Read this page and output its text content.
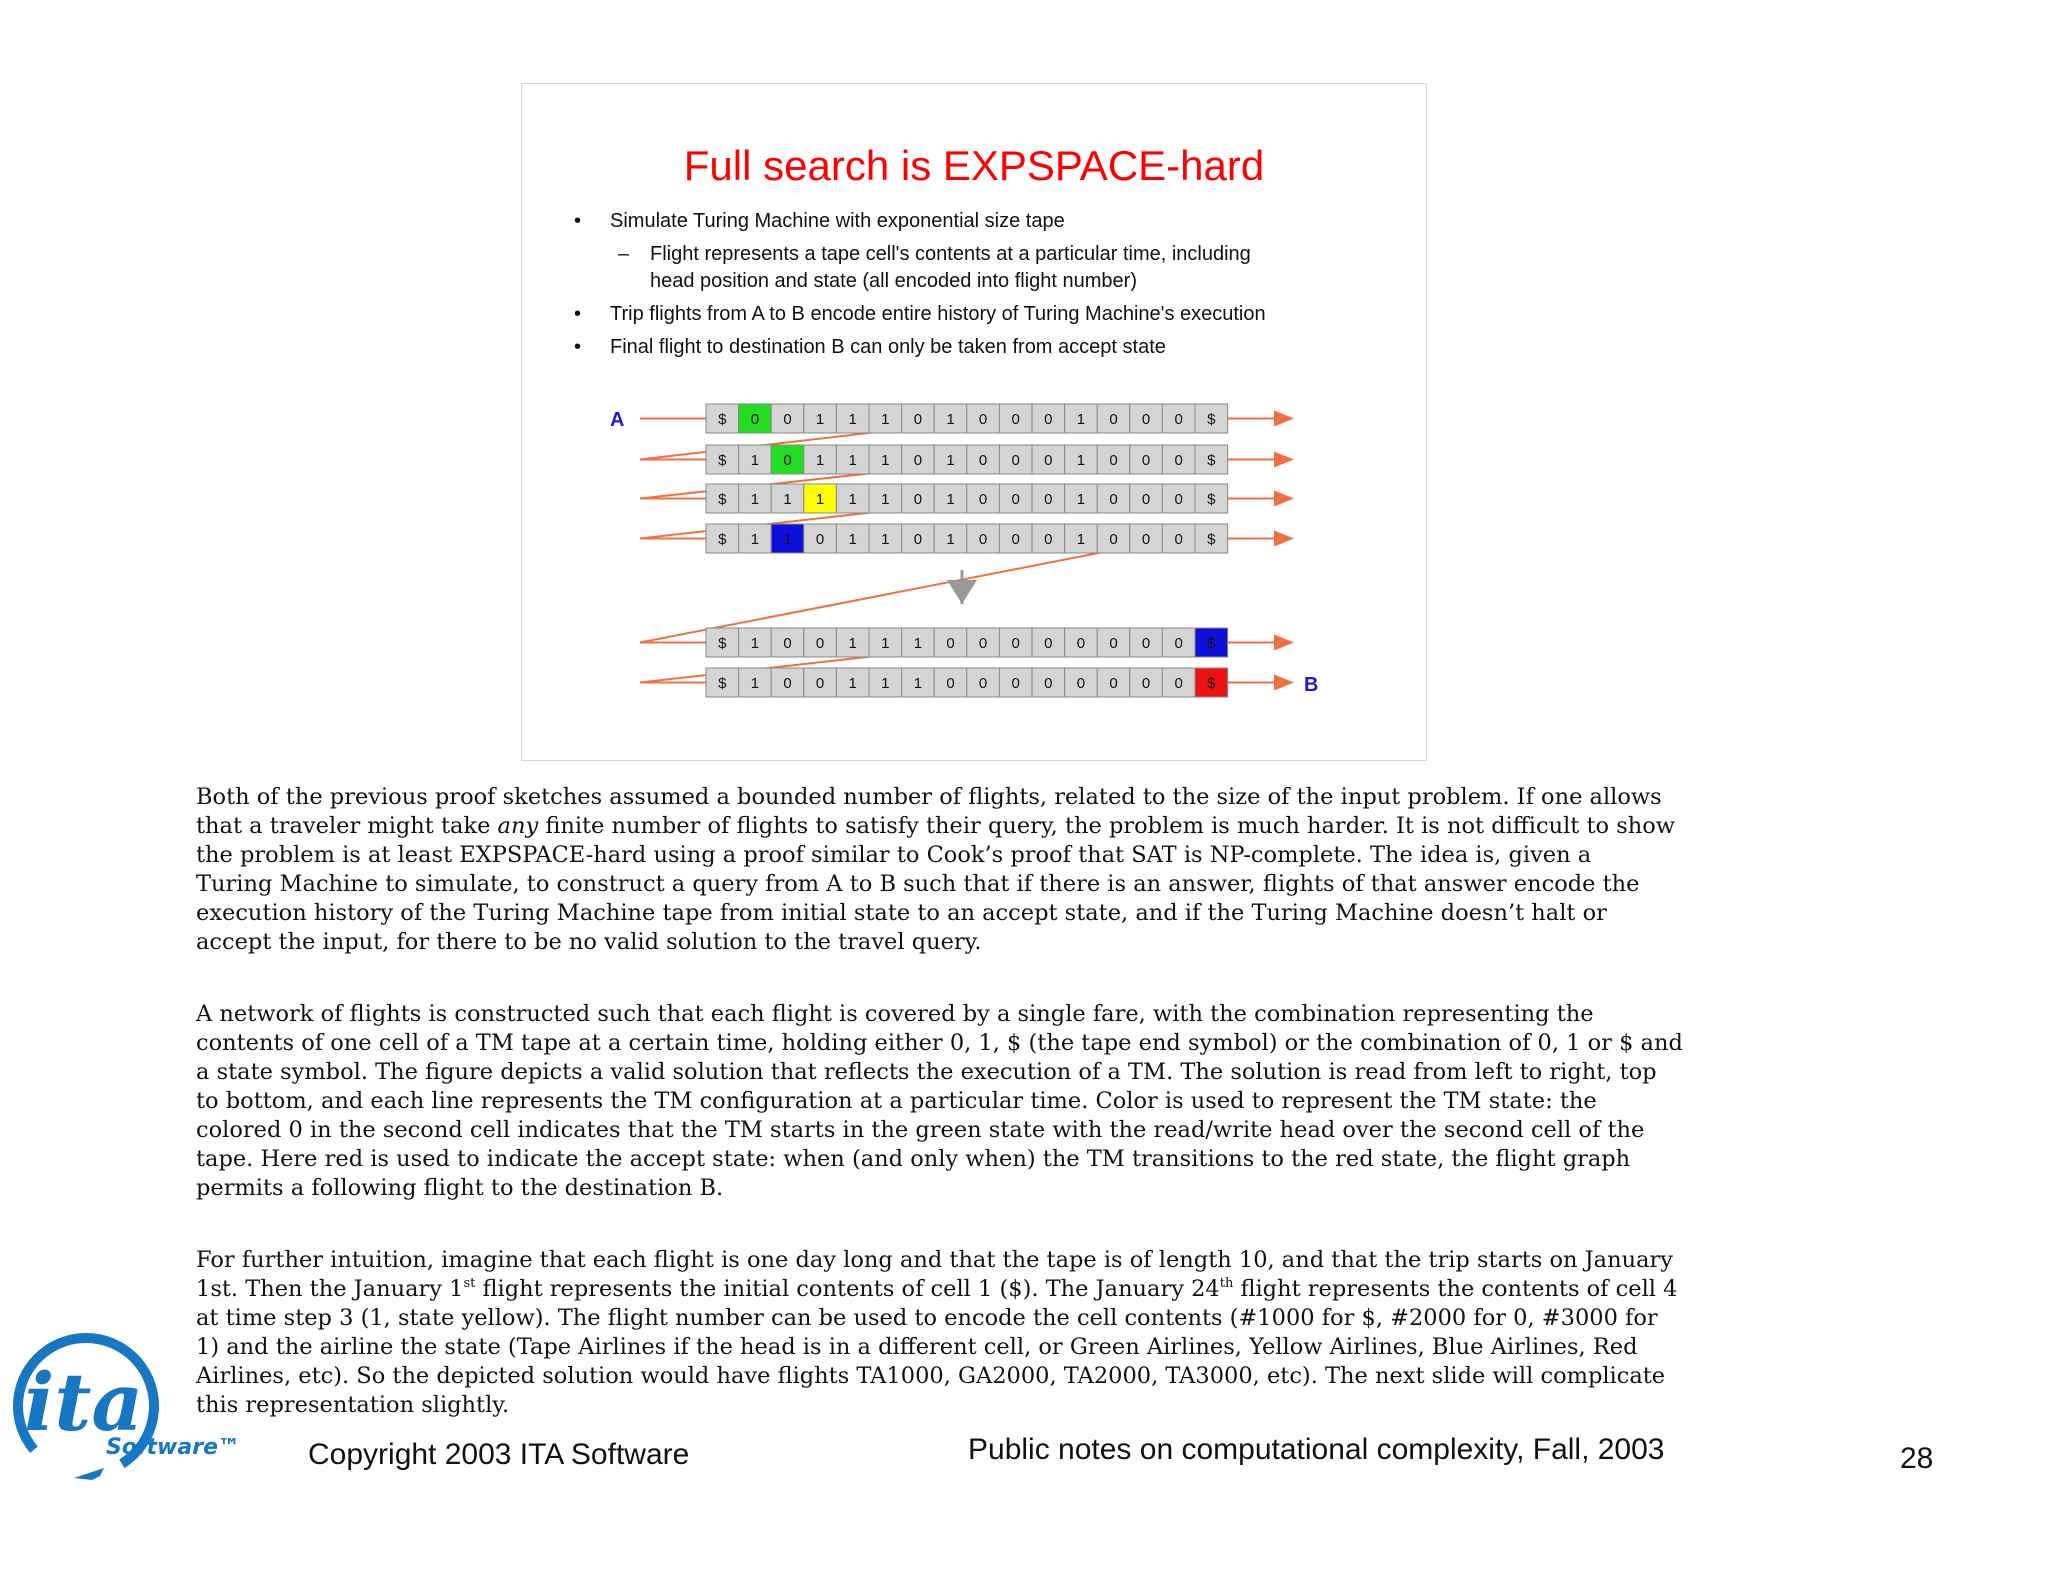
Full search is EXPSPACE-hard
• Simulate Turing Machine with exponential size tape
– Flight represents a tape cell's contents at a particular time, including
head position and state (all encoded into flight number)
• Trip flights from A to B encode entire history of Turing Machine's execution
• Final flight to destination B can only be taken from accept state
$ 0 0 1 1 1 0 1 0 0 0 1 0 0 0 $
$ 1 0 1 1 1 0 1 0 0 0 1 0 0 0 $
$ 1 1 1 1 1 0 1 0 0 0 1 0 0 0 $
$ 1 1 0 1 1 0 1 0 0 0 1 0 0 0 $
$ 1 0 0 1 1 1 0 0 0 0 0 0 0 0 $
$ 1 0 0 1 1 1 0 0 0 0 0 0 0 0 $
A
B
Both of the previous proof sketches assumed a bounded number of flights, related to the size of the input problem. If one allows
that a traveler might take any finite number of flights to satisfy their query, the problem is much harder. It is not difficult to show
the problem is at least EXPSPACE-hard using a proof similar to Cook’s proof that SAT is NP-complete. The idea is, given a
Turing Machine to simulate, to construct a query from A to B such that if there is an answer, flights of that answer encode the
execution history of the Turing Machine tape from initial state to an accept state, and if the Turing Machine doesn’t halt or
accept the input, for there to be no valid solution to the travel query.
A network of flights is constructed such that each flight is covered by a single fare, with the combination representing the
contents of one cell of a TM tape at a certain time, holding either 0, 1, $ (the tape end symbol) or the combination of 0, 1 or $ and
a state symbol. The figure depicts a valid solution that reflects the execution of a TM. The solution is read from left to right, top
to bottom, and each line represents the TM configuration at a particular time. Color is used to represent the TM state: the
colored 0 in the second cell indicates that the TM starts in the green state with the read/write head over the second cell of the
tape. Here red is used to indicate the accept state: when (and only when) the TM transitions to the red state, the flight graph
permits a following flight to the destination B.
For further intuition, imagine that each flight is one day long and that the tape is of length 10, and that the trip starts on January
1st. Then the January 1st flight represents the initial contents of cell 1 ($). The January 24th flight represents the contents of cell 4
at time step 3 (1, state yellow). The flight number can be used to encode the cell contents (#1000 for $, #2000 for 0, #3000 for
1) and the airline the state (Tape Airlines if the head is in a different cell, or Green Airlines, Yellow Airlines, Blue Airlines, Red
Airlines, etc). So the depicted solution would have flights TA1000, GA2000, TA2000, TA3000, etc). The next slide will complicate
this representation slightly.
ita
Software™ Copyright 2003 ITA Software	Public notes on computational complexity, Fall, 2003	28
